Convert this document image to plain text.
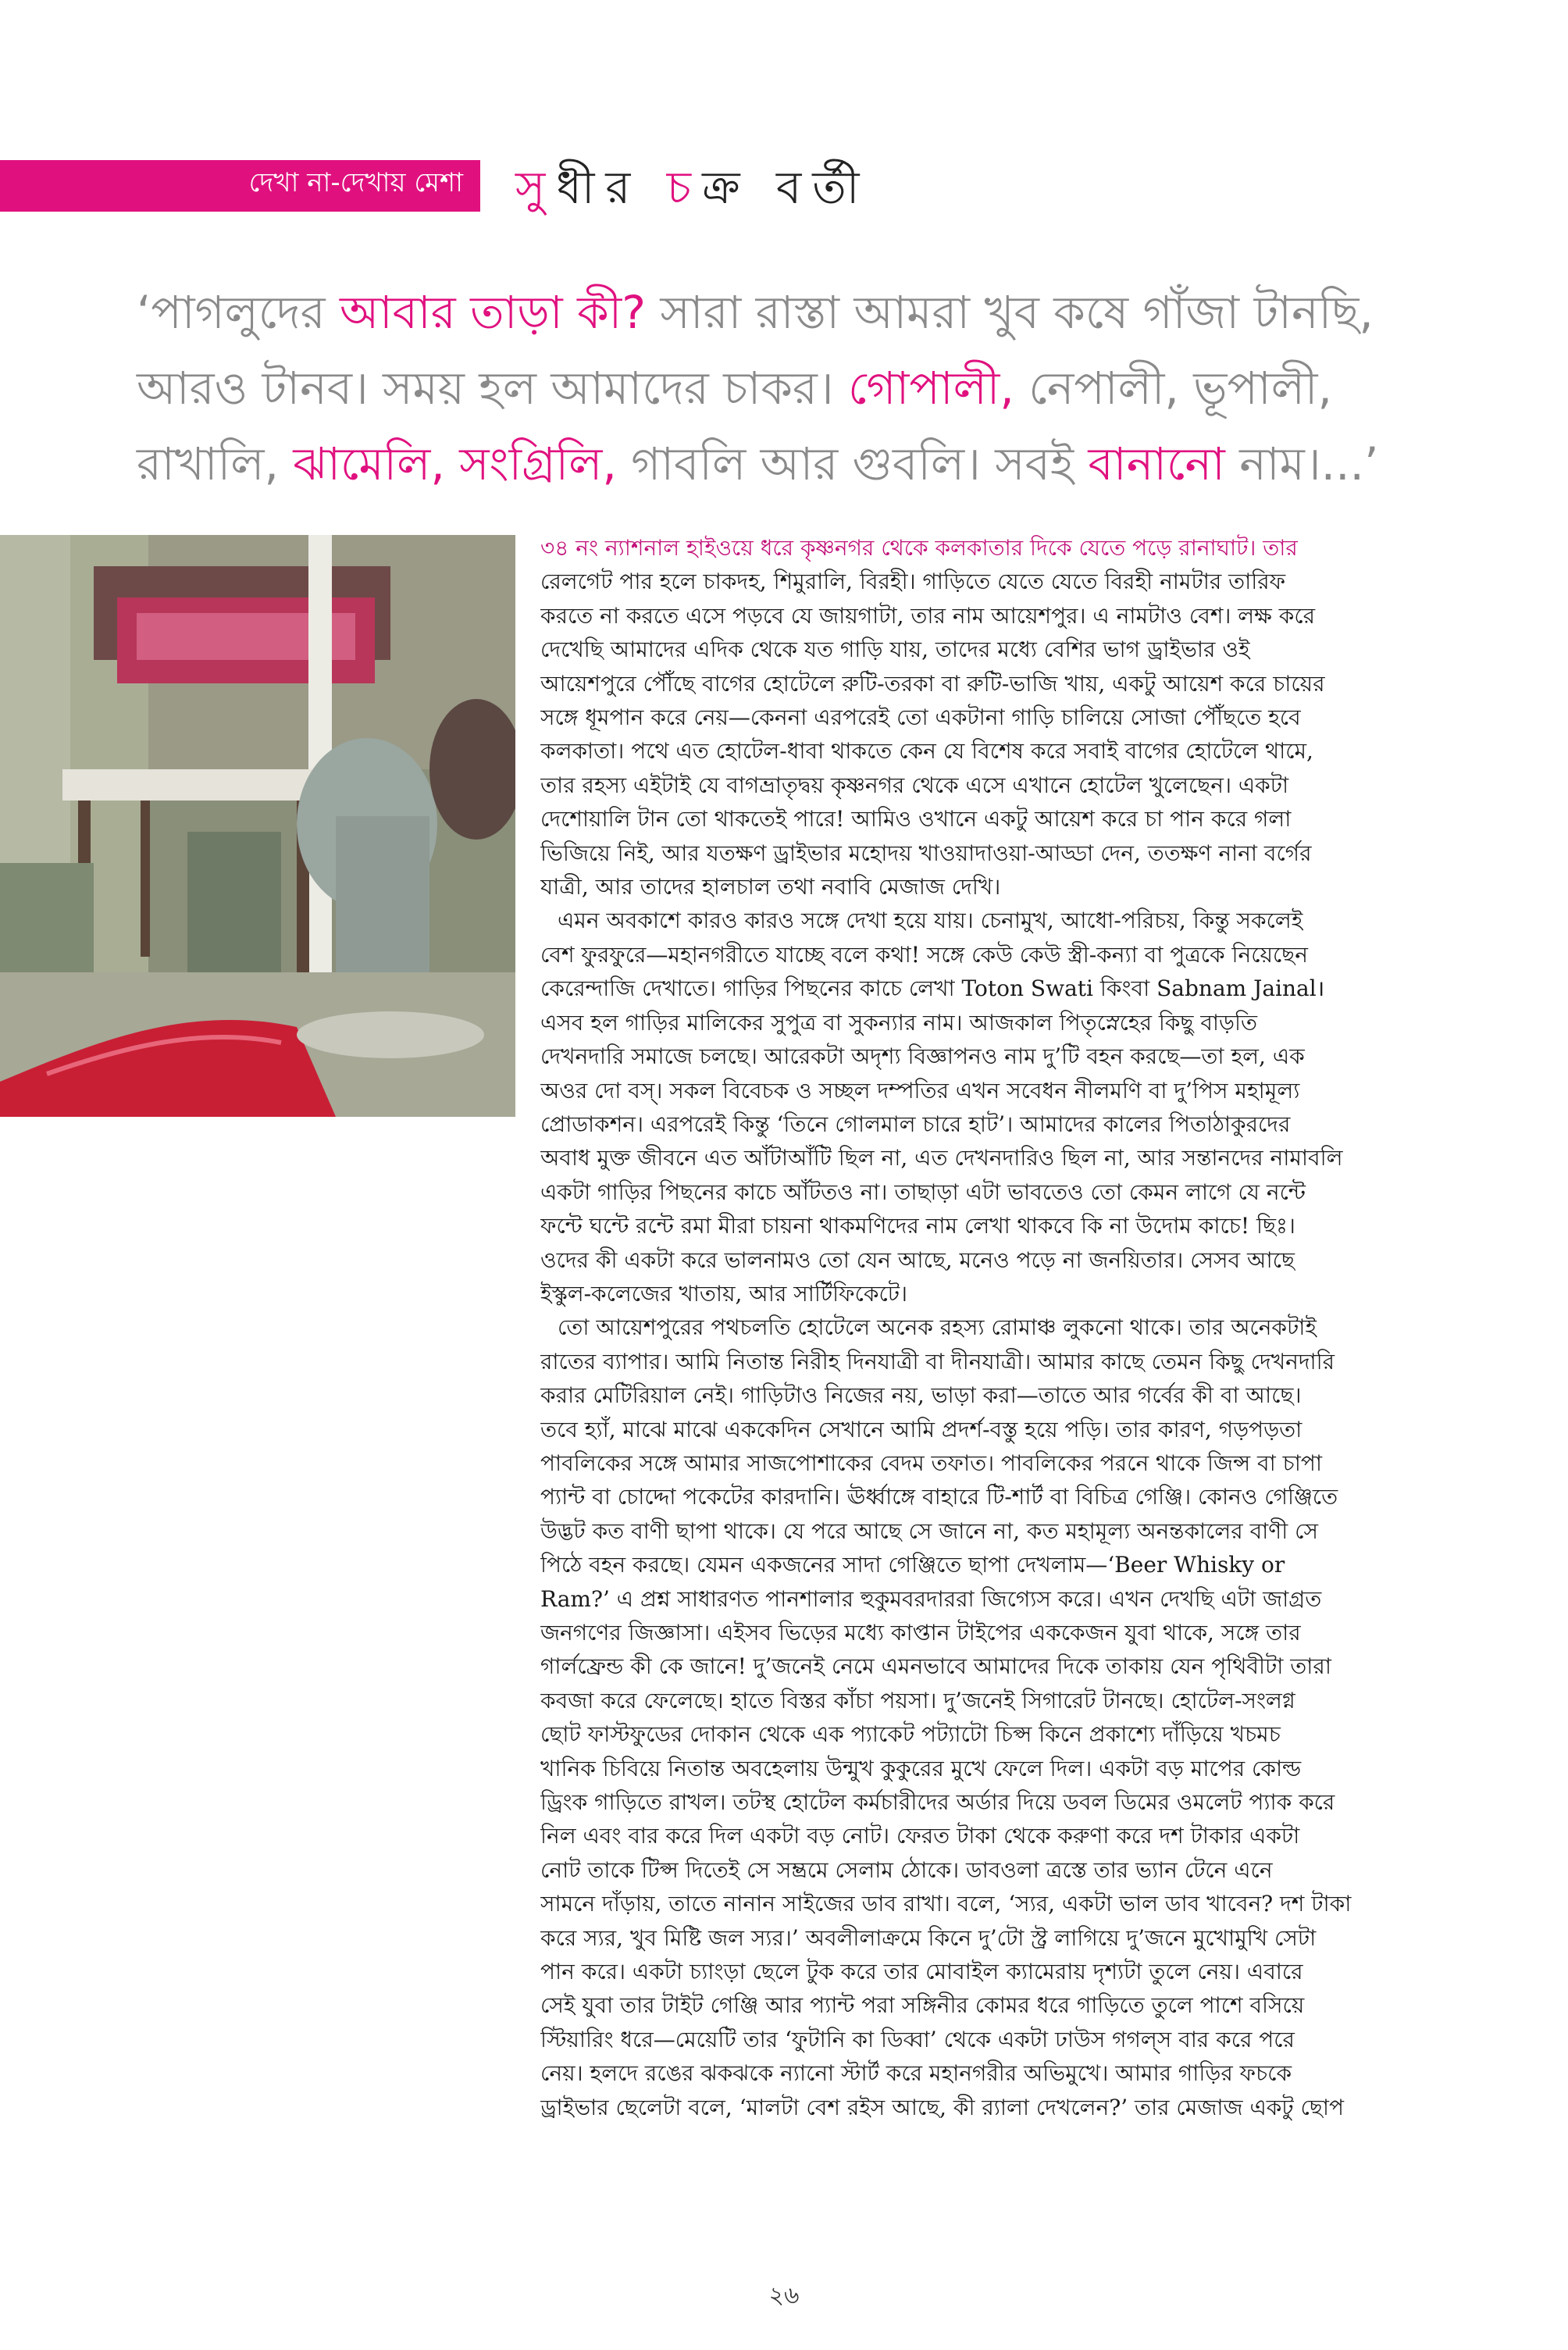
দেখা না-দেখায় মেশা সুধীর চক্র বর্তী
‘পাগলুদের আবার তাড়া কী? সারা রাস্তা আমরা খুব কষে গাঁজা টানছি,
আরও টানব। সময় হল আমাদের চাকর। গোপালী, নেপালী, ভূপালী,
রাখালি, ঝামেলি, সংগ্রিলি, গাবলি আর গুবলি। সবই বানানো নাম।...’
৩৪ নং ন্যাশনাল হাইওয়ে ধরে কৃষ্ণনগর থেকে কলকাতার দিকে যেতে পড়ে রানাঘাট। তার
রেলগেট পার হলে চাকদহ, শিমুরালি, বিরহী। গাড়িতে যেতে যেতে বিরহী নামটার তারিফ
করতে না করতে এসে পড়বে যে জায়গাটা, তার নাম আয়েশপুর। এ নামটাও বেশ। লক্ষ করে
দেখেছি আমাদের এদিক থেকে যত গাড়ি যায়, তাদের মধ্যে বেশির ভাগ ড্রাইভার ওই
আয়েশপুরে পৌঁছে বাগের হোটেলে রুটি-তরকা বা রুটি-ভাজি খায়, একটু আয়েশ করে চায়ের
সঙ্গে ধূমপান করে নেয়—কেননা এরপরেই তো একটানা গাড়ি চালিয়ে সোজা পৌঁছতে হবে
কলকাতা। পথে এত হোটেল-ধাবা থাকতে কেন যে বিশেষ করে সবাই বাগের হোটেলে থামে,
তার রহস্য এইটাই যে বাগভ্রাতৃদ্বয় কৃষ্ণনগর থেকে এসে এখানে হোটেল খুলেছেন। একটা
দেশোয়ালি টান তো থাকতেই পারে! আমিও ওখানে একটু আয়েশ করে চা পান করে গলা
ভিজিয়ে নিই, আর যতক্ষণ ড্রাইভার মহোদয় খাওয়াদাওয়া-আড্ডা দেন, ততক্ষণ নানা বর্গের
যাত্রী, আর তাদের হালচাল তথা নবাবি মেজাজ দেখি।
এমন অবকাশে কারও কারও সঙ্গে দেখা হয়ে যায়। চেনামুখ, আধো-পরিচয়, কিন্তু সকলেই
বেশ ফুরফুরে—মহানগরীতে যাচ্ছে বলে কথা! সঙ্গে কেউ কেউ স্ত্রী-কন্যা বা পুত্রকে নিয়েছেন
কেরেন্দাজি দেখাতে। গাড়ির পিছনের কাচে লেখা Toton Swati কিংবা Sabnam Jainal।
এসব হল গাড়ির মালিকের সুপুত্র বা সুকন্যার নাম। আজকাল পিতৃস্নেহের কিছু বাড়তি
দেখনদারি সমাজে চলছে। আরেকটা অদৃশ্য বিজ্ঞাপনও নাম দু’টি বহন করছে—তা হল, এক
অওর দো বস্। সকল বিবেচক ও সচ্ছল দম্পতির এখন সবেধন নীলমণি বা দু’পিস মহামূল্য
প্রোডাকশন। এরপরেই কিন্তু ‘তিনে গোলমাল চারে হাট’। আমাদের কালের পিতাঠাকুরদের
অবাধ মুক্ত জীবনে এত আঁটাআঁটি ছিল না, এত দেখনদারিও ছিল না, আর সন্তানদের নামাবলি
একটা গাড়ির পিছনের কাচে আঁটতও না। তাছাড়া এটা ভাবতেও তো কেমন লাগে যে নন্টে
ফন্টে ঘন্টে রন্টে রমা মীরা চায়না থাকমণিদের নাম লেখা থাকবে কি না উদোম কাচে! ছিঃ।
ওদের কী একটা করে ভালনামও তো যেন আছে, মনেও পড়ে না জনয়িতার। সেসব আছে
ইস্কুল-কলেজের খাতায়, আর সার্টিফিকেটে।
তো আয়েশপুরের পথচলতি হোটেলে অনেক রহস্য রোমাঞ্চ লুকনো থাকে। তার অনেকটাই
রাতের ব্যাপার। আমি নিতান্ত নিরীহ দিনযাত্রী বা দীনযাত্রী। আমার কাছে তেমন কিছু দেখনদারি
করার মেটিরিয়াল নেই। গাড়িটাও নিজের নয়, ভাড়া করা—তাতে আর গর্বের কী বা আছে।
তবে হ্যাঁ, মাঝে মাঝে এককেদিন সেখানে আমি প্রদর্শ-বস্তু হয়ে পড়ি। তার কারণ, গড়পড়তা
পাবলিকের সঙ্গে আমার সাজপোশাকের বেদম তফাত। পাবলিকের পরনে থাকে জিন্স বা চাপা
প্যান্ট বা চোদ্দো পকেটের কারদানি। ঊর্ধ্বাঙ্গে বাহারে টি-শার্ট বা বিচিত্র গেঞ্জি। কোনও গেঞ্জিতে
উদ্ভট কত বাণী ছাপা থাকে। যে পরে আছে সে জানে না, কত মহামূল্য অনন্তকালের বাণী সে
পিঠে বহন করছে। যেমন একজনের সাদা গেঞ্জিতে ছাপা দেখলাম—‘Beer Whisky or
Ram?’ এ প্রশ্ন সাধারণত পানশালার হুকুমবরদাররা জিগ্যেস করে। এখন দেখছি এটা জাগ্রত
জনগণের জিজ্ঞাসা। এইসব ভিড়ের মধ্যে কাপ্তান টাইপের এককেজন যুবা থাকে, সঙ্গে তার
গার্লফ্রেন্ড কী কে জানে! দু’জনেই নেমে এমনভাবে আমাদের দিকে তাকায় যেন পৃথিবীটা তারা
কবজা করে ফেলেছে। হাতে বিস্তর কাঁচা পয়সা। দু’জনেই সিগারেট টানছে। হোটেল-সংলগ্ন
ছোট ফাস্টফুডের দোকান থেকে এক প্যাকেট পট্যাটো চিপ্স কিনে প্রকাশ্যে দাঁড়িয়ে খচমচ
খানিক চিবিয়ে নিতান্ত অবহেলায় উন্মুখ কুকুরের মুখে ফেলে দিল। একটা বড় মাপের কোল্ড
ড্রিংক গাড়িতে রাখল। তটস্থ হোটেল কর্মচারীদের অর্ডার দিয়ে ডবল ডিমের ওমলেট প্যাক করে
নিল এবং বার করে দিল একটা বড় নোট। ফেরত টাকা থেকে করুণা করে দশ টাকার একটা
নোট তাকে টিপ্স দিতেই সে সম্ভ্রমে সেলাম ঠোকে। ডাবওলা ত্রস্তে তার ভ্যান টেনে এনে
সামনে দাঁড়ায়, তাতে নানান সাইজের ডাব রাখা। বলে, ‘স্যর, একটা ভাল ডাব খাবেন? দশ টাকা
করে স্যর, খুব মিষ্টি জল স্যর।’ অবলীলাক্রমে কিনে দু’টো স্ট্র লাগিয়ে দু’জনে মুখোমুখি সেটা
পান করে। একটা চ্যাংড়া ছেলে টুক করে তার মোবাইল ক্যামেরায় দৃশ্যটা তুলে নেয়। এবারে
সেই যুবা তার টাইট গেঞ্জি আর প্যান্ট পরা সঙ্গিনীর কোমর ধরে গাড়িতে তুলে পাশে বসিয়ে
স্টিয়ারিং ধরে—মেয়েটি তার ‘ফুটানি কা ডিব্বা’ থেকে একটা ঢাউস গগল্স বার করে পরে
নেয়। হলদে রঙের ঝকঝকে ন্যানো স্টার্ট করে মহানগরীর অভিমুখে। আমার গাড়ির ফচকে
ড্রাইভার ছেলেটা বলে, ‘মালটা বেশ রইস আছে, কী র‍্যালা দেখলেন?’ তার মেজাজ একটু ছোপ
২৬
